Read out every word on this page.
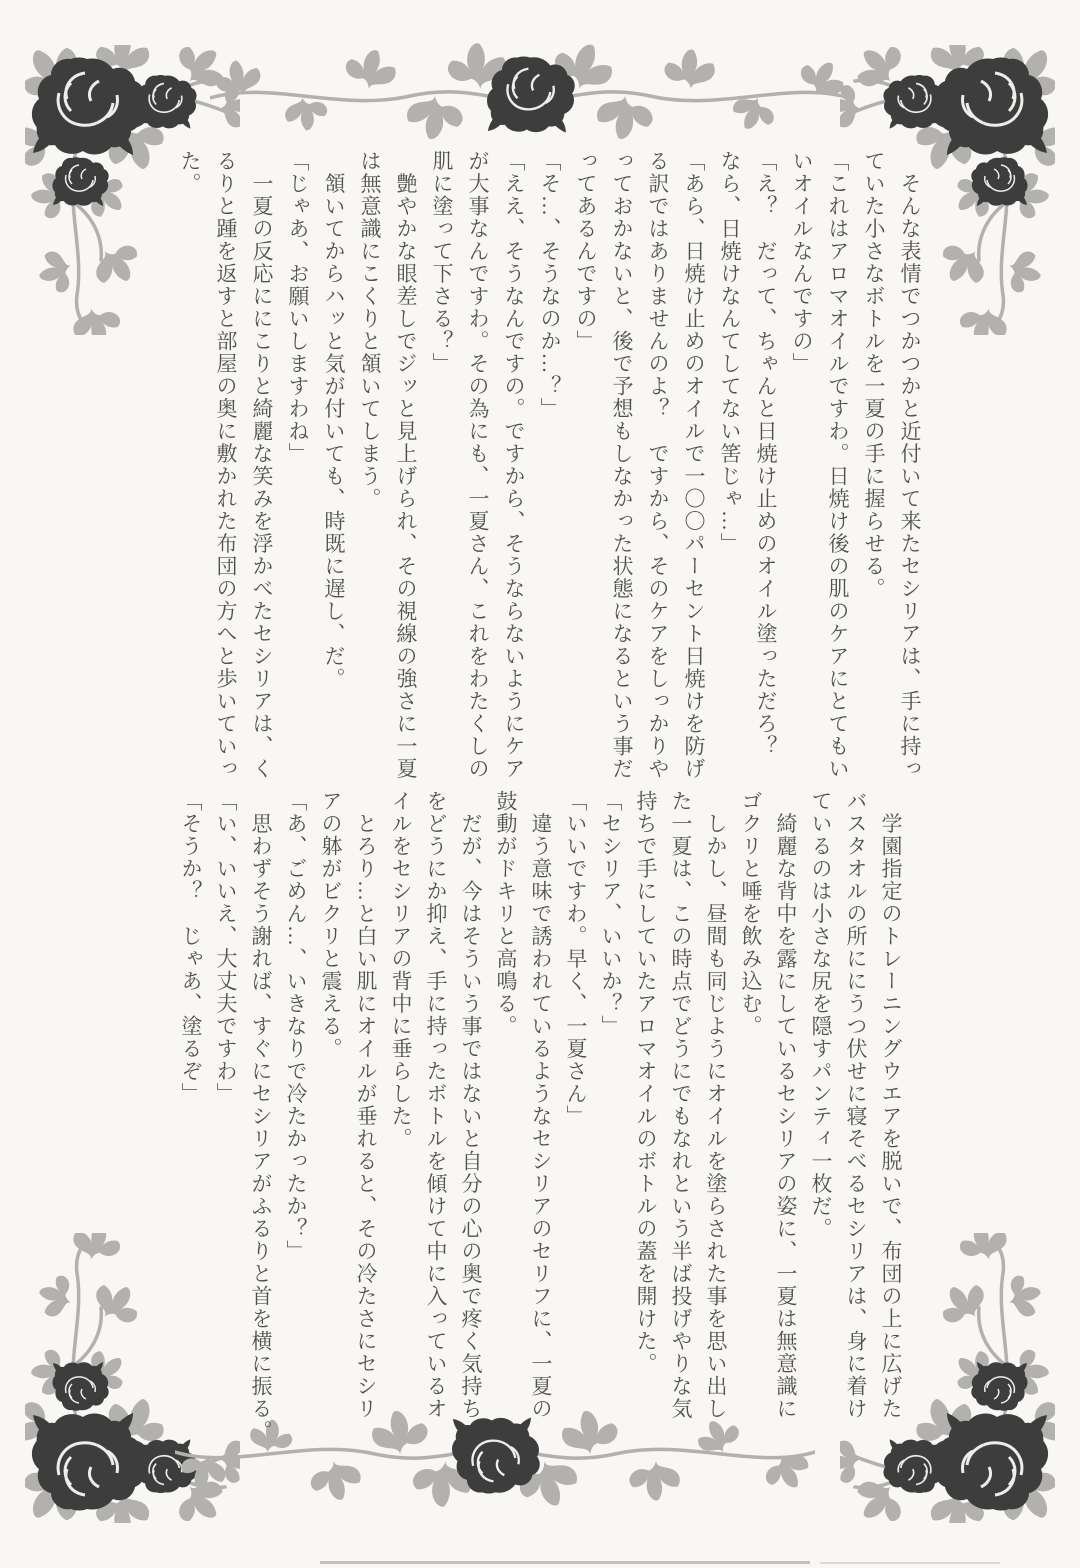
　そんな表情でつかつかと近付いて来たセシリアは、手に持っ
ていた小さなボトルを一夏の手に握らせる。
「これはアロマオイルですわ。日焼け後の肌のケアにとてもい
いオイルなんですの」
「え？　だって、ちゃんと日焼け止めのオイル塗っただろ？
なら、日焼けなんてしてない筈じゃ…」
「あら、日焼け止めのオイルで一〇〇パーセント日焼けを防げ
る訳ではありませんのよ？　ですから、そのケアをしっかりや
っておかないと、後で予想もしなかった状態になるという事だ
ってあるんですの」
「そ…、そうなのか…？」
「ええ、そうなんですの。ですから、そうならないようにケア
が大事なんですわ。その為にも、一夏さん、これをわたくしの
肌に塗って下さる？」
　艶やかな眼差しでジッと見上げられ、その視線の強さに一夏
は無意識にこくりと頷いてしまう。
　頷いてからハッと気が付いても、時既に遅し、だ。
「じゃあ、お願いしますわね」
　一夏の反応ににこりと綺麗な笑みを浮かべたセシリアは、く
るりと踵を返すと部屋の奥に敷かれた布団の方へと歩いていっ
た。
　学園指定のトレーニングウエアを脱いで、布団の上に広げた
バスタオルの所ににうつ伏せに寝そべるセシリアは、身に着け
ているのは小さな尻を隠すパンティ一枚だ。
　綺麗な背中を露にしているセシリアの姿に、一夏は無意識に
ゴクリと唾を飲み込む。
　しかし、昼間も同じようにオイルを塗らされた事を思い出し
た一夏は、この時点でどうにでもなれという半ば投げやりな気
持ちで手にしていたアロマオイルのボトルの蓋を開けた。
「セシリア、いいか？」
「いいですわ。早く、一夏さん」
　違う意味で誘われているようなセシリアのセリフに、一夏の
鼓動がドキリと高鳴る。
　だが、今はそういう事ではないと自分の心の奥で疼く気持ち
をどうにか抑え、手に持ったボトルを傾けて中に入っているオ
イルをセシリアの背中に垂らした。
　とろり…と白い肌にオイルが垂れると、その冷たさにセシリ
アの躰がビクリと震える。
「あ、ごめん…、いきなりで冷たかったか？」
　思わずそう謝れば、すぐにセシリアがふるりと首を横に振る。
「い、いいえ、大丈夫ですわ」
「そうか？　じゃあ、塗るぞ」
